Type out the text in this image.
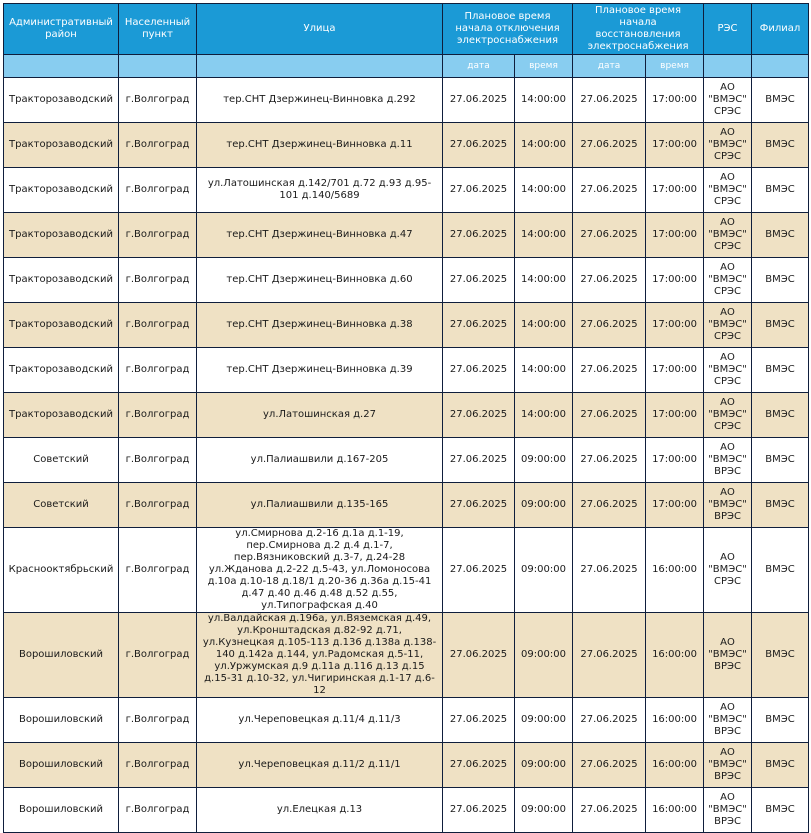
Административный район	Населенный пункт	Улица	Плановое время начала отключения электроснабжения		Плановое время начала восстановления электроснабжения		РЭС	Филиал
			дата	время	дата	время		
Тракторозаводский	г.Волгоград	тер.СНТ Дзержинец-Винновка д.292	27.06.2025	14:00:00	27.06.2025	17:00:00	АО "ВМЭС" СРЭС	ВМЭС
Тракторозаводский	г.Волгоград	тер.СНТ Дзержинец-Винновка д.11	27.06.2025	14:00:00	27.06.2025	17:00:00	АО "ВМЭС" СРЭС	ВМЭС
Тракторозаводский	г.Волгоград	ул.Латошинская д.142/701 д.72 д.93 д.95-101 д.140/5689	27.06.2025	14:00:00	27.06.2025	17:00:00	АО "ВМЭС" СРЭС	ВМЭС
Тракторозаводский	г.Волгоград	тер.СНТ Дзержинец-Винновка д.47	27.06.2025	14:00:00	27.06.2025	17:00:00	АО "ВМЭС" СРЭС	ВМЭС
Тракторозаводский	г.Волгоград	тер.СНТ Дзержинец-Винновка д.60	27.06.2025	14:00:00	27.06.2025	17:00:00	АО "ВМЭС" СРЭС	ВМЭС
Тракторозаводский	г.Волгоград	тер.СНТ Дзержинец-Винновка д.38	27.06.2025	14:00:00	27.06.2025	17:00:00	АО "ВМЭС" СРЭС	ВМЭС
Тракторозаводский	г.Волгоград	тер.СНТ Дзержинец-Винновка д.39	27.06.2025	14:00:00	27.06.2025	17:00:00	АО "ВМЭС" СРЭС	ВМЭС
Тракторозаводский	г.Волгоград	ул.Латошинская д.27	27.06.2025	14:00:00	27.06.2025	17:00:00	АО "ВМЭС" СРЭС	ВМЭС
Советский	г.Волгоград	ул.Палиашвили д.167-205	27.06.2025	09:00:00	27.06.2025	17:00:00	АО "ВМЭС" ВРЭС	ВМЭС
Советский	г.Волгоград	ул.Палиашвили д.135-165	27.06.2025	09:00:00	27.06.2025	17:00:00	АО "ВМЭС" ВРЭС	ВМЭС
Краснооктябрьский	г.Волгоград	ул.Смирнова д.2-16 д.1а д.1-19, пер.Смирнова д.2 д.4 д.1-7, пер.Вязниковский д.3-7, д.24-28 ул.Жданова д.2-22 д.5-43, ул.Ломоносова д.10а д.10-18 д.18/1 д.20-36 д.36а д.15-41 д.47 д.40 д.46 д.48 д.52 д.55, ул.Типографская д.40	27.06.2025	09:00:00	27.06.2025	16:00:00	АО "ВМЭС" СРЭС	ВМЭС
Ворошиловский	г.Волгоград	ул.Валдайская д.196а, ул.Вяземская д.49, ул.Кронштадская д.82-92 д.71, ул.Кузнецкая д.105-113 д.136 д.138а д.138-140 д.142а д.144, ул.Радомская д.5-11, ул.Уржумская д.9 д.11а д.116 д.13 д.15 д.15-31 д.10-32, ул.Чигиринская д.1-17 д.6-12	27.06.2025	09:00:00	27.06.2025	16:00:00	АО "ВМЭС" ВРЭС	ВМЭС
Ворошиловский	г.Волгоград	ул.Череповецкая д.11/4 д.11/3	27.06.2025	09:00:00	27.06.2025	16:00:00	АО "ВМЭС" ВРЭС	ВМЭС
Ворошиловский	г.Волгоград	ул.Череповецкая д.11/2 д.11/1	27.06.2025	09:00:00	27.06.2025	16:00:00	АО "ВМЭС" ВРЭС	ВМЭС
Ворошиловский	г.Волгоград	ул.Елецкая д.13	27.06.2025	09:00:00	27.06.2025	16:00:00	АО "ВМЭС" ВРЭС	ВМЭС
